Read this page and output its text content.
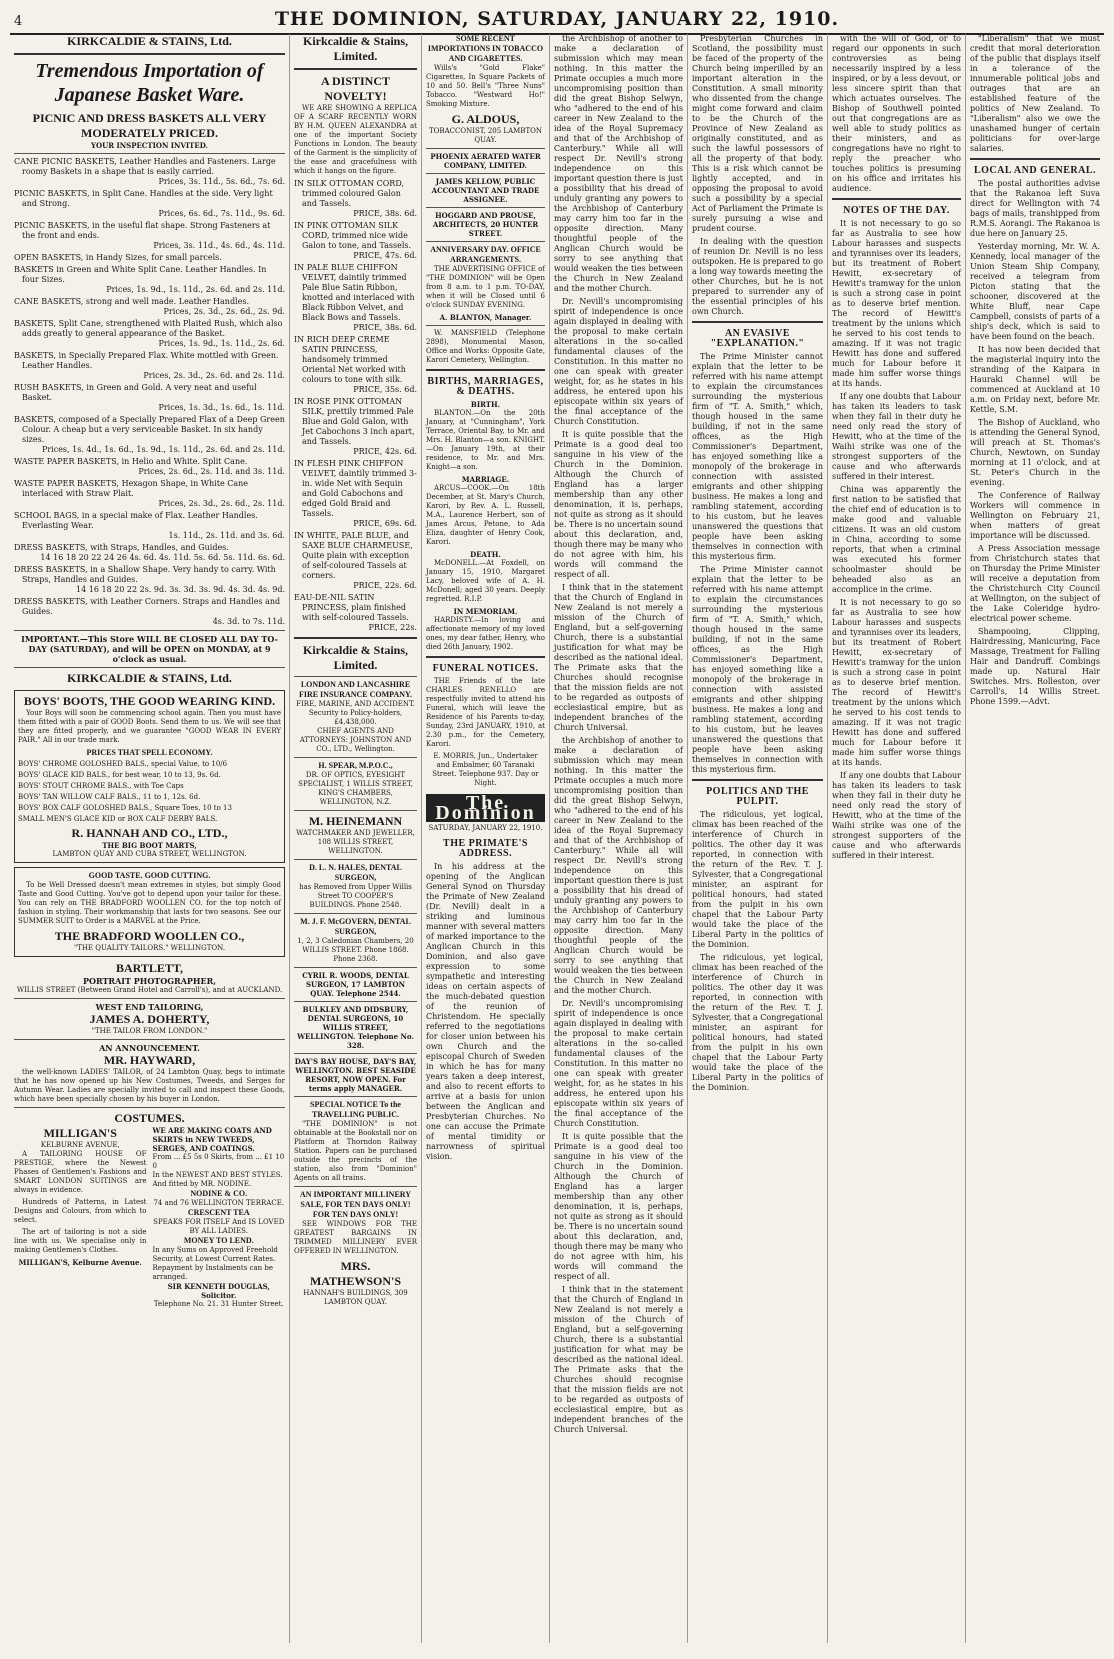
4	THE DOMINION, SATURDAY, JANUARY 22, 1910.
KIRKCALDIE & STAINS, Ltd.
Tremendous Importation of Japanese Basket Ware.
PICNIC AND DRESS BASKETS ALL VERY MODERATELY PRICED.
YOUR INSPECTION INVITED.
CANE PICNIC BASKETS, Leather Handles and Fasteners. Large roomy Baskets in a shape that is easily carried.
Prices, 3s. 11d., 5s. 6d., 7s. 6d.
PICNIC BASKETS, in Split Cane. Handles at the side. Very light and Strong.
Prices, 6s. 6d., 7s. 11d., 9s. 6d.
PICNIC BASKETS, in the useful flat shape. Strong Fasteners at the front and ends.
Prices, 3s. 11d., 4s. 6d., 4s. 11d.
OPEN BASKETS, in Handy Sizes, for small parcels.
BASKETS in Green and White Split Cane. Leather Handles. In four Sizes.
Prices, 1s. 9d., 1s. 11d., 2s. 6d. and 2s. 11d.
CANE BASKETS, strong and well made. Leather Handles.
Prices, 2s. 3d., 2s. 6d., 2s. 9d.
BASKETS, Split Cane, strengthened with Plaited Rush, which also adds greatly to general appearance of the Basket.
Prices, 1s. 9d., 1s. 11d., 2s. 6d.
BASKETS, in Specially Prepared Flax. White mottled with Green. Leather Handles.
Prices, 2s. 3d., 2s. 6d. and 2s. 11d.
RUSH BASKETS, in Green and Gold. A very neat and useful Basket.
Prices, 1s. 3d., 1s. 6d., 1s. 11d.
BASKETS, composed of a Specially Prepared Flax of a Deep Green Colour. A cheap but a very serviceable Basket. In six handy sizes.
Prices, 1s. 4d., 1s. 6d., 1s. 9d., 1s. 11d., 2s. 6d. and 2s. 11d.
WASTE PAPER BASKETS, in Helio and White. Split Cane.
Prices, 2s. 6d., 2s. 11d. and 3s. 11d.
WASTE PAPER BASKETS, Hexagon Shape, in White Cane interlaced with Straw Plait.
Prices, 2s. 3d., 2s. 6d., 2s. 11d.
SCHOOL BAGS, in a special make of Flax. Leather Handles. Everlasting Wear.
1s. 11d., 2s. 11d. and 3s. 6d.
DRESS BASKETS, with Straps, Handles, and Guides.
14 16 18 20 22 24 26 4s. 6d. 4s. 11d. 5s. 6d. 5s. 11d. 6s. 6d.
DRESS BASKETS, in a Shallow Shape. Very handy to carry. With Straps, Handles and Guides.
14 16 18 20 22 2s. 9d. 3s. 3d. 3s. 9d. 4s. 3d. 4s. 9d.
DRESS BASKETS, with Leather Corners. Straps and Handles and Guides.
4s. 3d. to 7s. 11d.
IMPORTANT.—This Store WILL BE CLOSED ALL DAY TO-DAY (SATURDAY), and will be OPEN on MONDAY, at 9 o'clock as usual.
KIRKCALDIE & STAINS, Ltd.
BOYS' BOOTS, THE GOOD WEARING KIND.
Your Boys will soon be commencing school again. Then you must have them fitted with a pair of GOOD Boots. Send them to us. We will see that they are fitted properly, and we guarantee "GOOD WEAR IN EVERY PAIR." All in our trade mark.
PRICES THAT SPELL ECONOMY.
BOYS' CHROME GOLOSHED BALS., special Value, to 10/6
BOYS' GLACE KID BALS., for best wear, 10 to 13, 9s. 6d.
BOYS' STOUT CHROME BALS., with Toe Caps
BOYS' TAN WILLOW CALF BALS., 11 to 1, 12s. 6d.
BOYS' BOX CALF GOLOSHED BALS., Square Toes, 10 to 13
SMALL MEN'S GLACE KID or BOX CALF DERBY BALS.
R. HANNAH AND CO., LTD.,
THE BIG BOOT MARTS,
LAMBTON QUAY AND CUBA STREET, WELLINGTON.
GOOD TASTE. GOOD CUTTING.
To be Well Dressed doesn't mean extremes in styles, but simply Good Taste and Good Cutting. You've got to depend upon your tailor for these. You can rely on THE BRADFORD WOOLLEN CO. for the top notch of fashion in styling. Their workmanship that lasts for two seasons. See our SUMMER SUIT to Order is a MARVEL at the Price.
THE BRADFORD WOOLLEN CO.,
"THE QUALITY TAILORS." WELLINGTON.
BARTLETT,
PORTRAIT PHOTOGRAPHER,
WILLIS STREET (Between Grand Hotel and Carroll's), and at AUCKLAND.
WEST END TAILORING,
JAMES A. DOHERTY,
"THE TAILOR FROM LONDON."
AN ANNOUNCEMENT.
MR. HAYWARD,
the well-known LADIES' TAILOR, of 24 Lambton Quay, begs to intimate that he has now opened up his New Costumes, Tweeds, and Serges for Autumn Wear. Ladies are specially invited to call and inspect these Goods, which have been specially chosen by his buyer in London.
COSTUMES.
MILLIGAN'S
KELBURNE AVENUE,
A TAILORING HOUSE OF PRESTIGE, where the Newest Phases of Gentlemen's Fashions and SMART LONDON SUITINGS are always in evidence.
Hundreds of Patterns, in Latest Designs and Colours, from which to select.
The art of tailoring is not a side line with us. We specialise only in making Gentlemen's Clothes.
MILLIGAN'S, Kelburne Avenue.
WE ARE MAKING COATS AND SKIRTS in NEW TWEEDS, SERGES, AND COATINGS.
From ... £5 5s 0 Skirts, from ... £1 10 0
In the NEWEST AND BEST STYLES. And fitted by MR. NODINE.
NODINE & CO.
74 and 76 WELLINGTON TERRACE.
CRESCENT TEA
SPEAKS FOR ITSELF And IS LOVED BY ALL LADIES.
MONEY TO LEND.
In any Sums on Approved Freehold Security, at Lowest Current Rates. Repayment by Instalments can be arranged.
SIR KENNETH DOUGLAS, Solicitor.
Telephone No. 21. 31 Hunter Street.
Kirkcaldie & Stains, Limited.
A DISTINCT NOVELTY!
WE ARE SHOWING A REPLICA OF A SCARF RECENTLY WORN BY H.M. QUEEN ALEXANDRA at one of the important Society Functions in London. The beauty of the Garment is the simplicity of the ease and gracefulness with which it hangs on the figure.
IN SILK OTTOMAN CORD, trimmed coloured Galon and Tassels.
PRICE, 38s. 6d.
IN PINK OTTOMAN SILK CORD, trimmed nice wide Galon to tone, and Tassels.
PRICE, 47s. 6d.
IN PALE BLUE CHIFFON VELVET, daintily trimmed Pale Blue Satin Ribbon, knotted and interlaced with Black Ribbon Velvet, and Black Bows and Tassels.
PRICE, 38s. 6d.
IN RICH DEEP CREME SATIN PRINCESS, handsomely trimmed Oriental Net worked with colours to tone with silk.
PRICE, 35s. 6d.
IN ROSE PINK OTTOMAN SILK, prettily trimmed Pale Blue and Gold Galon, with Jet Cabochons 3 inch apart, and Tassels.
PRICE, 42s. 6d.
IN FLESH PINK CHIFFON VELVET, daintily trimmed 3-in. wide Net with Sequin and Gold Cabochons and edged Gold Braid and Tassels.
PRICE, 69s. 6d.
IN WHITE, PALE BLUE, and SAXE BLUE CHARMEUSE, Quite plain with exception of self-coloured Tassels at corners.
PRICE, 22s. 6d.
EAU-DE-NIL SATIN PRINCESS, plain finished with self-coloured Tassels.
PRICE, 22s.
Kirkcaldie & Stains, Limited.
LONDON AND LANCASHIRE FIRE INSURANCE COMPANY.
FIRE, MARINE, AND ACCIDENT.
Security to Policy-holders, £4,438,000.
CHIEF AGENTS AND ATTORNEYS: JOHNSTON AND CO., LTD., Wellington.
H. SPEAR, M.P.O.C.,
DR. OF OPTICS, EYESIGHT SPECIALIST, 1 WILLIS STREET, KING'S CHAMBERS, WELLINGTON, N.Z.
M. HEINEMANN
WATCHMAKER AND JEWELLER, 108 WILLIS STREET, WELLINGTON.
D. L. N. HALES, DENTAL SURGEON,
has Removed from Upper Willis Street TO COOPER'S BUILDINGS. Phone 2548.
M. J. F. McGOVERN, DENTAL SURGEON,
1, 2, 3 Caledonian Chambers, 20 WILLIS STREET. Phone 1868. Phone 2368.
CYRIL R. WOODS, DENTAL SURGEON, 17 LAMBTON QUAY. Telephone 2544.
BULKLEY AND DIDSBURY, DENTAL SURGEONS, 10 WILLIS STREET, WELLINGTON. Telephone No. 328.
DAY'S BAY HOUSE, DAY'S BAY, WELLINGTON. BEST SEASIDE RESORT, NOW OPEN. For terms apply MANAGER.
SPECIAL NOTICE To the TRAVELLING PUBLIC.
"THE DOMINION" is not obtainable at the Bookstall nor on Platform at Thorndon Railway Station. Papers can be purchased outside the precincts of the station, also from "Dominion" Agents on all trains.
AN IMPORTANT MILLINERY SALE, FOR TEN DAYS ONLY! FOR TEN DAYS ONLY!
SEE WINDOWS FOR THE GREATEST BARGAINS IN TRIMMED MILLINERY EVER OFFERED IN WELLINGTON.
MRS. MATHEWSON'S
HANNAH'S BUILDINGS, 309 LAMBTON QUAY.
SOME RECENT IMPORTATIONS IN TOBACCO AND CIGARETTES.
Wills's "Gold Flake" Cigarettes, In Square Packets of 10 and 50. Bell's "Three Nuns" Tobacco. "Westward Ho!" Smoking Mixture.
G. ALDOUS,
TOBACCONIST, 205 LAMBTON QUAY.
PHOENIX AERATED WATER COMPANY, LIMITED.
JAMES KELLOW, PUBLIC ACCOUNTANT AND TRADE ASSIGNEE.
HOGGARD AND PROUSE, ARCHITECTS, 20 HUNTER STREET.
ANNIVERSARY DAY. OFFICE ARRANGEMENTS.
THE ADVERTISING OFFICE of "THE DOMINION" will be Open from 8 a.m. to 1 p.m. TO-DAY, when it will be Closed until 6 o'clock SUNDAY EVENING.
A. BLANTON, Manager.
W. MANSFIELD (Telephone 2898), Monumental Mason, Office and Works: Opposite Gate, Karori Cemetery, Wellington.
BIRTHS, MARRIAGES, & DEATHS.
BIRTH.
BLANTON.—On the 20th January, at "Cunningham", York Terrace, Oriental Bay, to Mr. and Mrs. H. Blanton—a son. KNIGHT.—On January 19th, at their residence, to Mr. and Mrs. Knight—a son.
MARRIAGE.
ARCUS—COOK.—On 18th December, at St. Mary's Church, Karori, by Rev. A. L. Russell, M.A., Laurence Herbert, son of James Arcus, Petone, to Ada Eliza, daughter of Henry Cook, Karori.
DEATH.
McDONELL.—At Foxdell, on January 15, 1910, Margaret Lacy, beloved wife of A. H. McDonell; aged 30 years. Deeply regretted. R.I.P.
IN MEMORIAM.
HARDISTY.—In loving and affectionate memory of my loved ones, my dear father, Henry, who died 26th January, 1902.
FUNERAL NOTICES.
THE Friends of the late CHARLES RENELLO are respectfully invited to attend his Funeral, which will leave the Residence of his Parents to-day, Sunday, 23rd JANUARY, 1910, at 2.30 p.m., for the Cemetery, Karori.
E. MORRIS, Jun., Undertaker and Embalmer, 60 Taranaki Street. Telephone 937. Day or Night.
The Dominion
SATURDAY, JANUARY 22, 1910.
THE PRIMATE'S ADDRESS.
In his address at the opening of the Anglican General Synod on Thursday the Primate of New Zealand (Dr. Nevill) dealt in a striking and luminous manner with several matters of marked importance to the Anglican Church in this Dominion, and also gave expression to some sympathetic and interesting ideas on certain aspects of the much-debated question of the reunion of Christendom. He specially referred to the negotiations for closer union between his own Church and the episcopal Church of Sweden in which he has for many years taken a deep interest, and also to recent efforts to arrive at a basis for union between the Anglican and Presbyterian Churches. No one can accuse the Primate of mental timidity or narrowness of spiritual vision.
the Archbishop of another to make a declaration of submission which may mean nothing. In this matter the Primate occupies a much more uncompromising position than did the great Bishop Selwyn, who "adhered to the end of his career in New Zealand to the idea of the Royal Supremacy and that of the Archbishop of Canterbury." While all will respect Dr. Nevill's strong independence on this important question there is just a possibility that his dread of unduly granting any powers to the Archbishop of Canterbury may carry him too far in the opposite direction. Many thoughtful people of the Anglican Church would be sorry to see anything that would weaken the ties between the Church in New Zealand and the mother Church.
Dr. Nevill's uncompromising spirit of independence is once again displayed in dealing with the proposal to make certain alterations in the so-called fundamental clauses of the Constitution. In this matter no one can speak with greater weight, for, as he states in his address, he entered upon his episcopate within six years of the final acceptance of the Church Constitution.
It is quite possible that the Primate is a good deal too sanguine in his view of the Church in the Dominion. Although the Church of England has a larger membership than any other denomination, it is, perhaps, not quite as strong as it should be. There is no uncertain sound about this declaration, and, though there may be many who do not agree with him, his words will command the respect of all.
I think that in the statement that the Church of England in New Zealand is not merely a mission of the Church of England, but a self-governing Church, there is a substantial justification for what may be described as the national ideal. The Primate asks that the Churches should recognise that the mission fields are not to be regarded as outposts of ecclesiastical empire, but as independent branches of the Church Universal.
the Archbishop of another to make a declaration of submission which may mean nothing. In this matter the Primate occupies a much more uncompromising position than did the great Bishop Selwyn, who "adhered to the end of his career in New Zealand to the idea of the Royal Supremacy and that of the Archbishop of Canterbury." While all will respect Dr. Nevill's strong independence on this important question there is just a possibility that his dread of unduly granting any powers to the Archbishop of Canterbury may carry him too far in the opposite direction. Many thoughtful people of the Anglican Church would be sorry to see anything that would weaken the ties between the Church in New Zealand and the mother Church.
Dr. Nevill's uncompromising spirit of independence is once again displayed in dealing with the proposal to make certain alterations in the so-called fundamental clauses of the Constitution. In this matter no one can speak with greater weight, for, as he states in his address, he entered upon his episcopate within six years of the final acceptance of the Church Constitution.
It is quite possible that the Primate is a good deal too sanguine in his view of the Church in the Dominion. Although the Church of England has a larger membership than any other denomination, it is, perhaps, not quite as strong as it should be. There is no uncertain sound about this declaration, and, though there may be many who do not agree with him, his words will command the respect of all.
I think that in the statement that the Church of England in New Zealand is not merely a mission of the Church of England, but a self-governing Church, there is a substantial justification for what may be described as the national ideal. The Primate asks that the Churches should recognise that the mission fields are not to be regarded as outposts of ecclesiastical empire, but as independent branches of the Church Universal.
Presbyterian Churches in Scotland, the possibility must be faced of the property of the Church being imperilled by an important alteration in the Constitution. A small minority who dissented from the change might come forward and claim to be the Church of the Province of New Zealand as originally constituted, and as such the lawful possessors of all the property of that body. This is a risk which cannot be lightly accepted, and in opposing the proposal to avoid such a possibility by a special Act of Parliament the Primate is surely pursuing a wise and prudent course.
In dealing with the question of reunion Dr. Nevill is no less outspoken. He is prepared to go a long way towards meeting the other Churches, but he is not prepared to surrender any of the essential principles of his own Church.
AN EVASIVE "EXPLANATION."
The Prime Minister cannot explain that the letter to be referred with his name attempt to explain the circumstances surrounding the mysterious firm of "T. A. Smith," which, though housed in the same building, if not in the same offices, as the High Commissioner's Department, has enjoyed something like a monopoly of the brokerage in connection with assisted emigrants and other shipping business. He makes a long and rambling statement, according to his custom, but he leaves unanswered the questions that people have been asking themselves in connection with this mysterious firm.
The Prime Minister cannot explain that the letter to be referred with his name attempt to explain the circumstances surrounding the mysterious firm of "T. A. Smith," which, though housed in the same building, if not in the same offices, as the High Commissioner's Department, has enjoyed something like a monopoly of the brokerage in connection with assisted emigrants and other shipping business. He makes a long and rambling statement, according to his custom, but he leaves unanswered the questions that people have been asking themselves in connection with this mysterious firm.
POLITICS AND THE PULPIT.
The ridiculous, yet logical, climax has been reached of the interference of Church in politics. The other day it was reported, in connection with the return of the Rev. T. J. Sylvester, that a Congregational minister, an aspirant for political honours, had stated from the pulpit in his own chapel that the Labour Party would take the place of the Liberal Party in the politics of the Dominion.
The ridiculous, yet logical, climax has been reached of the interference of Church in politics. The other day it was reported, in connection with the return of the Rev. T. J. Sylvester, that a Congregational minister, an aspirant for political honours, had stated from the pulpit in his own chapel that the Labour Party would take the place of the Liberal Party in the politics of the Dominion.
with the will of God, or to regard our opponents in such controversies as being necessarily inspired by a less inspired, or by a less devout, or less sincere spirit than that which actuates ourselves. The Bishop of Southwell pointed out that congregations are as well able to study politics as their ministers, and as congregations have no right to reply the preacher who touches politics is presuming on his office and irritates his audience.
NOTES OF THE DAY.
It is not necessary to go so far as Australia to see how Labour harasses and suspects and tyrannises over its leaders, but its treatment of Robert Hewitt, ex-secretary of Hewitt's tramway for the union is such a strong case in point as to deserve brief mention. The record of Hewitt's treatment by the unions which he served to his cost tends to amazing. If it was not tragic Hewitt has done and suffered much for Labour before it made him suffer worse things at its hands.
If any one doubts that Labour has taken its leaders to task when they fail in their duty he need only read the story of Hewitt, who at the time of the Waihi strike was one of the strongest supporters of the cause and who afterwards suffered in their interest.
China was apparently the first nation to be satisfied that the chief end of education is to make good and valuable citizens. It was an old custom in China, according to some reports, that when a criminal was executed his former schoolmaster should be beheaded also as an accomplice in the crime.
It is not necessary to go so far as Australia to see how Labour harasses and suspects and tyrannises over its leaders, but its treatment of Robert Hewitt, ex-secretary of Hewitt's tramway for the union is such a strong case in point as to deserve brief mention. The record of Hewitt's treatment by the unions which he served to his cost tends to amazing. If it was not tragic Hewitt has done and suffered much for Labour before it made him suffer worse things at its hands.
If any one doubts that Labour has taken its leaders to task when they fail in their duty he need only read the story of Hewitt, who at the time of the Waihi strike was one of the strongest supporters of the cause and who afterwards suffered in their interest.
"Liberalism" that we must credit that moral deterioration of the public that displays itself in a tolerance of the innumerable political jobs and outrages that are an established feature of the politics of New Zealand. To "Liberalism" also we owe the unashamed hunger of certain politicians for over-large salaries.
LOCAL AND GENERAL.
The postal authorities advise that the Rakanoa left Suva direct for Wellington with 74 bags of mails, transhipped from R.M.S. Aorangi. The Rakanoa is due here on January 25.
Yesterday morning, Mr. W. A. Kennedy, local manager of the Union Steam Ship Company, received a telegram from Picton stating that the schooner, discovered at the White Bluff, near Cape Campbell, consists of parts of a ship's deck, which is said to have been found on the beach.
It has now been decided that the magisterial inquiry into the stranding of the Kaipara in Hauraki Channel will be commenced at Auckland at 10 a.m. on Friday next, before Mr. Kettle, S.M.
The Bishop of Auckland, who is attending the General Synod, will preach at St. Thomas's Church, Newtown, on Sunday morning at 11 o'clock, and at St. Peter's Church in the evening.
The Conference of Railway Workers will commence in Wellington on February 21, when matters of great importance will be discussed.
A Press Association message from Christchurch states that on Thursday the Prime Minister will receive a deputation from the Christchurch City Council at Wellington, on the subject of the Lake Coleridge hydro-electrical power scheme.
Shampooing, Clipping, Hairdressing, Manicuring, Face Massage, Treatment for Falling Hair and Dandruff. Combings made up. Natural Hair Switches. Mrs. Rolleston, over Carroll's, 14 Willis Street. Phone 1599.—Advt.
